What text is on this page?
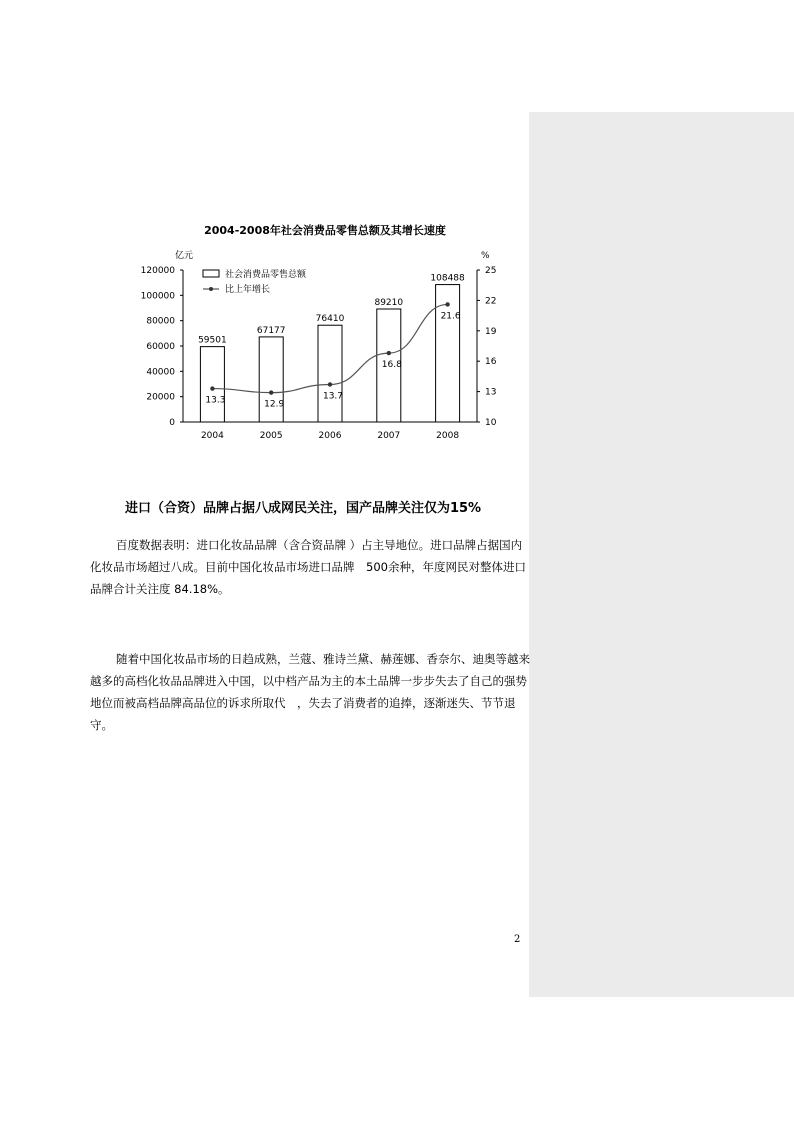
2004-2008年社会消费品零售总额及其增长速度
亿元	%
0
20000
40000
60000
80000
100000
120000
10
13
16
19
22
25
2004	2005	2006	2007	2008
59501
67177
76410
89210
108488
13.3	12.9
13.7
16.8
21.6
社会消费品零售总额
比上年增长
进口（合资）品牌占据八成网民关注，国产品牌关注仅为15%
百度数据表明：进口化妆品品牌（含合资品牌 ）占主导地位。进口品牌占据国内化妆品市场超过八成。目前中国化妆品市场进口品牌　500余种，年度网民对整体进口品牌合计关注度 84.18%。
随着中国化妆品市场的日趋成熟，兰蔻、雅诗兰黛、赫莲娜、香奈尔、迪奥等越来越多的高档化妆品品牌进入中国，以中档产品为主的本土品牌一步步失去了自己的强势地位而被高档品牌高品位的诉求所取代　，失去了消费者的追捧，逐渐迷失、节节退守。
2
